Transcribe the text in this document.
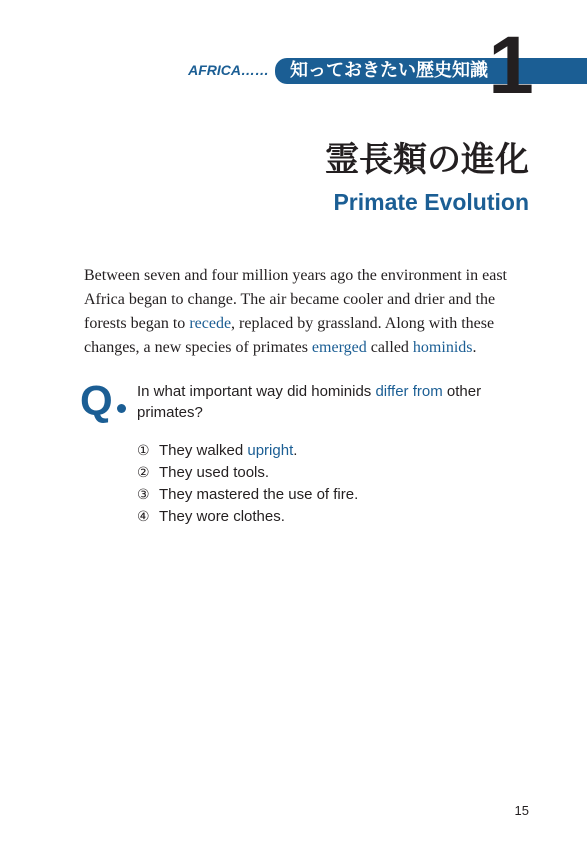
AFRICA…… 知っておきたい歴史知識 1
霊長類の進化
Primate Evolution

Between seven and four million years ago the environment in east
Africa began to change. The air became cooler and drier and the
forests began to recede, replaced by grassland. Along with these
changes, a new species of primates emerged called hominids.

Q In what important way did hominids differ from other
primates?

① They walked upright.
② They used tools.
③ They mastered the use of fire.
④ They wore clothes.
15
